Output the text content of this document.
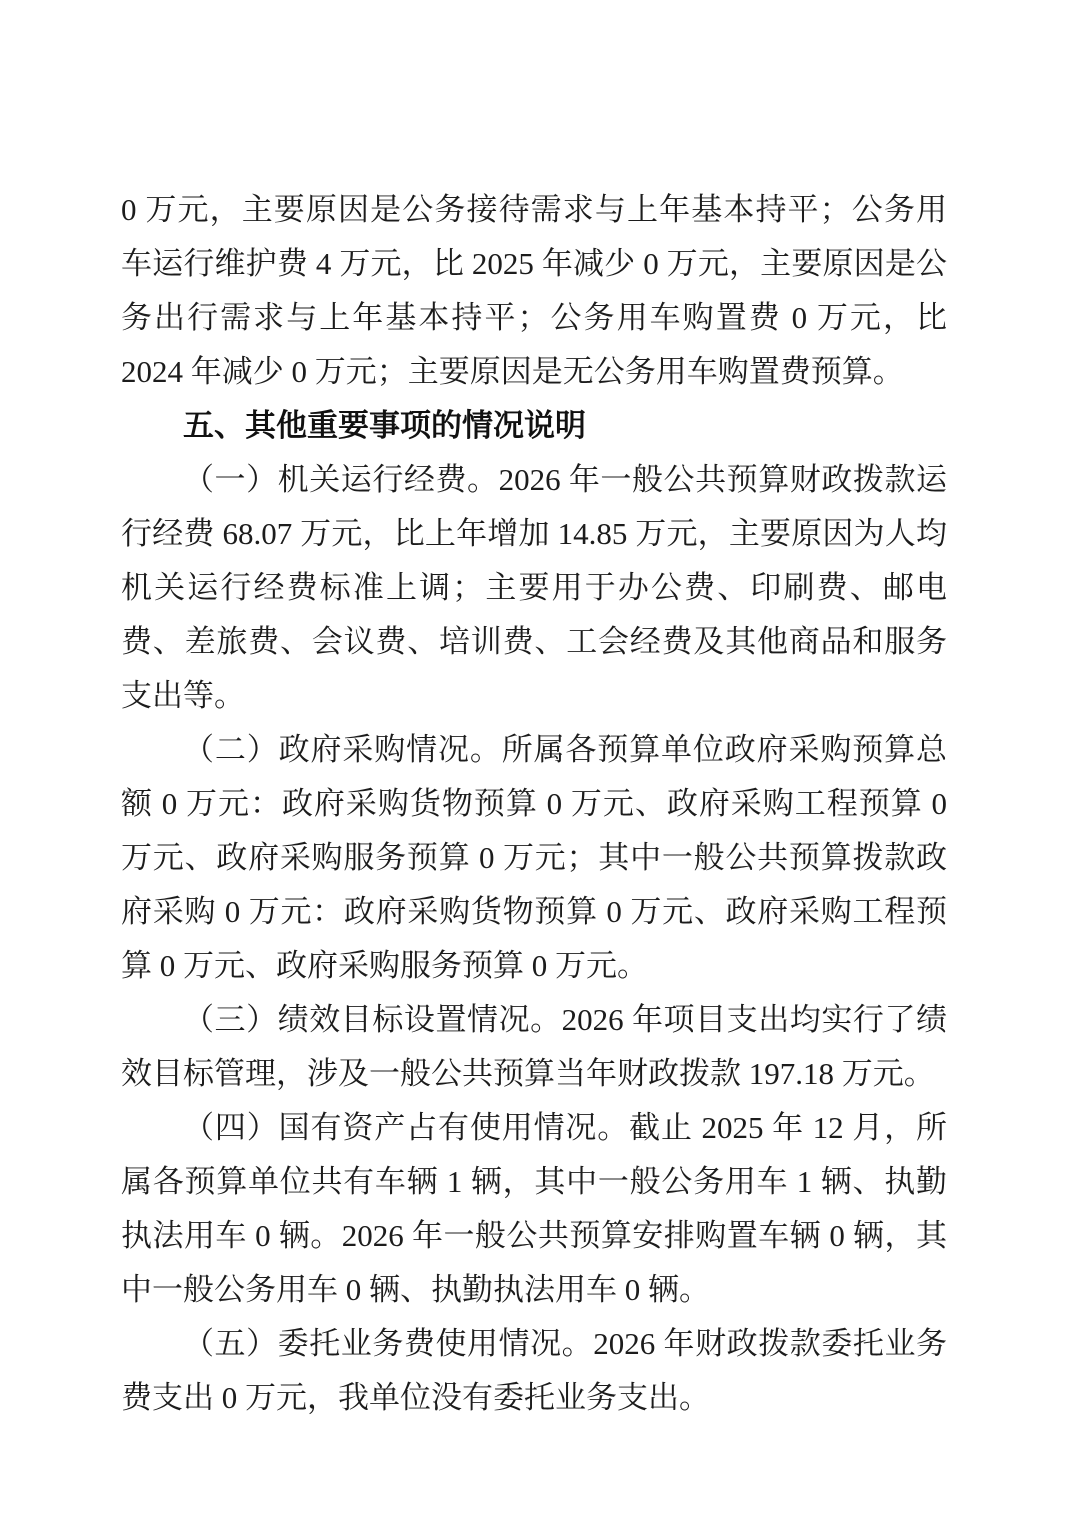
0 万元，主要原因是公务接待需求与上年基本持平；公务用车运行维护费 4 万元，比 2025 年减少 0 万元，主要原因是公务出行需求与上年基本持平；公务用车购置费 0 万元，比 2024 年减少 0 万元；主要原因是无公务用车购置费预算。

五、其他重要事项的情况说明

（一）机关运行经费。2026 年一般公共预算财政拨款运行经费 68.07 万元，比上年增加 14.85 万元，主要原因为人均机关运行经费标准上调；主要用于办公费、印刷费、邮电费、差旅费、会议费、培训费、工会经费及其他商品和服务支出等。

（二）政府采购情况。所属各预算单位政府采购预算总额 0 万元：政府采购货物预算 0 万元、政府采购工程预算 0 万元、政府采购服务预算 0 万元；其中一般公共预算拨款政府采购 0 万元：政府采购货物预算 0 万元、政府采购工程预算 0 万元、政府采购服务预算 0 万元。

（三）绩效目标设置情况。2026 年项目支出均实行了绩效目标管理，涉及一般公共预算当年财政拨款 197.18 万元。

（四）国有资产占有使用情况。截止 2025 年 12 月，所属各预算单位共有车辆 1 辆，其中一般公务用车 1 辆、执勤执法用车 0 辆。2026 年一般公共预算安排购置车辆 0 辆，其中一般公务用车 0 辆、执勤执法用车 0 辆。

（五）委托业务费使用情况。2026 年财政拨款委托业务费支出 0 万元，我单位没有委托业务支出。
